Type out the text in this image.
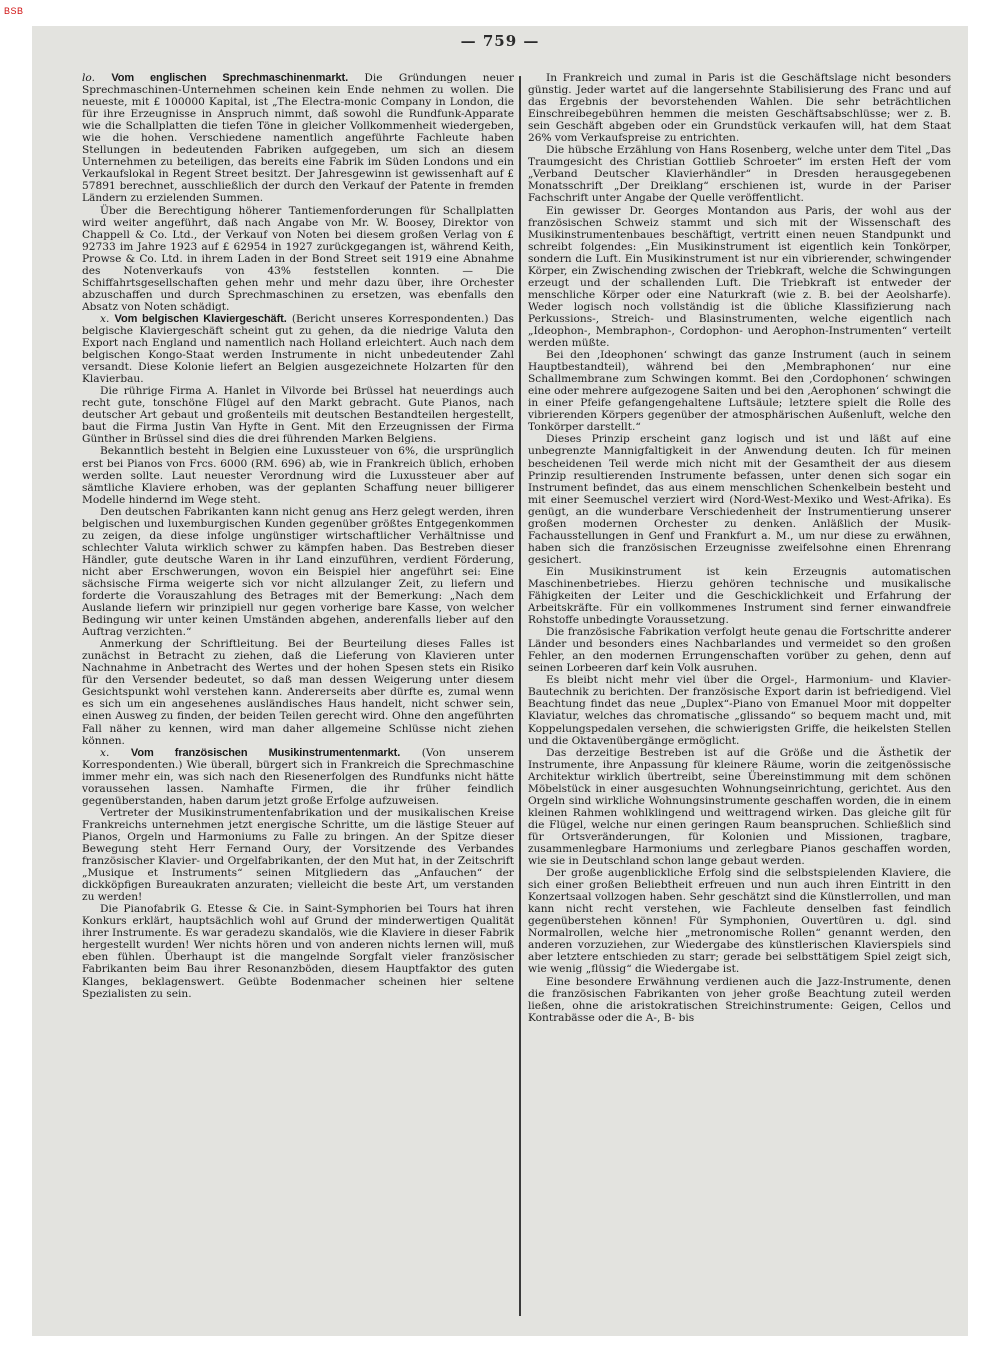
BSB
— 759 —

lo. Vom englischen Sprechmaschinenmarkt. Die Gründungen neuer Sprechmaschinen-Unternehmen scheinen kein Ende nehmen zu wollen. Die neueste, mit £ 100000 Kapital, ist „The Electra-monic Company in London, die für ihre Erzeugnisse in Anspruch nimmt, daß sowohl die Rundfunk-Apparate wie die Schallplatten die tiefen Töne in gleicher Vollkommenheit wiedergeben, wie die hohen. Verschiedene namentlich angeführte Fachleute haben Stellungen in bedeutenden Fabriken aufgegeben, um sich an diesem Unternehmen zu beteiligen, das bereits eine Fabrik im Süden Londons und ein Verkaufslokal in Regent Street besitzt. Der Jahresgewinn ist gewissenhaft auf £ 57891 berechnet, ausschließlich der durch den Verkauf der Patente in fremden Ländern zu erzielenden Summen.

Über die Berechtigung höherer Tantiemenforderungen für Schallplatten wird weiter angeführt, daß nach Angabe von Mr. W. Boosey, Direktor von Chappell & Co. Ltd., der Verkauf von Noten bei diesem großen Verlag von £ 92733 im Jahre 1923 auf £ 62954 in 1927 zurückgegangen ist, während Keith, Prowse & Co. Ltd. in ihrem Laden in der Bond Street seit 1919 eine Abnahme des Notenverkaufs von 43% feststellen konnten. — Die Schiffahrtsgesellschaften gehen mehr und mehr dazu über, ihre Orchester abzuschaffen und durch Sprechmaschinen zu ersetzen, was ebenfalls den Absatz von Noten schädigt.

x. Vom belgischen Klaviergeschäft. (Bericht unseres Korrespondenten.) Das belgische Klaviergeschäft scheint gut zu gehen, da die niedrige Valuta den Export nach England und namentlich nach Holland erleichtert. Auch nach dem belgischen Kongo-Staat werden Instrumente in nicht unbedeutender Zahl versandt. Diese Kolonie liefert an Belgien ausgezeichnete Holzarten für den Klavierbau.

Die rührige Firma A. Hanlet in Vilvorde bei Brüssel hat neuerdings auch recht gute, tonschöne Flügel auf den Markt gebracht. Gute Pianos, nach deutscher Art gebaut und großenteils mit deutschen Bestandteilen hergestellt, baut die Firma Justin Van Hyfte in Gent. Mit den Erzeugnissen der Firma Günther in Brüssel sind dies die drei führenden Marken Belgiens.

Bekanntlich besteht in Belgien eine Luxussteuer von 6%, die ursprünglich erst bei Pianos von Frcs. 6000 (RM. 696) ab, wie in Frankreich üblich, erhoben werden sollte. Laut neuester Verordnung wird die Luxussteuer aber auf sämtliche Klaviere erhoben, was der geplanten Schaffung neuer billigerer Modelle hindernd im Wege steht.

Den deutschen Fabrikanten kann nicht genug ans Herz gelegt werden, ihren belgischen und luxemburgischen Kunden gegenüber größtes Entgegenkommen zu zeigen, da diese infolge ungünstiger wirtschaftlicher Verhältnisse und schlechter Valuta wirklich schwer zu kämpfen haben. Das Bestreben dieser Händler, gute deutsche Waren in ihr Land einzuführen, verdient Förderung, nicht aber Erschwerungen, wovon ein Beispiel hier angeführt sei: Eine sächsische Firma weigerte sich vor nicht allzulanger Zeit, zu liefern und forderte die Vorauszahlung des Betrages mit der Bemerkung: „Nach dem Auslande liefern wir prinzipiell nur gegen vorherige bare Kasse, von welcher Bedingung wir unter keinen Umständen abgehen, anderenfalls lieber auf den Auftrag verzichten.“

Anmerkung der Schriftleitung. Bei der Beurteilung dieses Falles ist zunächst in Betracht zu ziehen, daß die Lieferung von Klavieren unter Nachnahme in Anbetracht des Wertes und der hohen Spesen stets ein Risiko für den Versender bedeutet, so daß man dessen Weigerung unter diesem Gesichtspunkt wohl verstehen kann. Andererseits aber dürfte es, zumal wenn es sich um ein angesehenes ausländisches Haus handelt, nicht schwer sein, einen Ausweg zu finden, der beiden Teilen gerecht wird. Ohne den angeführten Fall näher zu kennen, wird man daher allgemeine Schlüsse nicht ziehen können.

x. Vom französischen Musikinstrumentenmarkt. (Von unserem Korrespondenten.) Wie überall, bürgert sich in Frankreich die Sprechmaschine immer mehr ein, was sich nach den Riesenerfolgen des Rundfunks nicht hätte voraussehen lassen. Namhafte Firmen, die ihr früher feindlich gegenüberstanden, haben darum jetzt große Erfolge aufzuweisen.

Vertreter der Musikinstrumentenfabrikation und der musikalischen Kreise Frankreichs unternehmen jetzt energische Schritte, um die lästige Steuer auf Pianos, Orgeln und Harmoniums zu Falle zu bringen. An der Spitze dieser Bewegung steht Herr Fernand Oury, der Vorsitzende des Verbandes französischer Klavier- und Orgelfabrikanten, der den Mut hat, in der Zeitschrift „Musique et Instruments“ seinen Mitgliedern das „Anfauchen“ der dickköpfigen Bureaukraten anzuraten; vielleicht die beste Art, um verstanden zu werden!

Die Pianofabrik G. Etesse & Cie. in Saint-Symphorien bei Tours hat ihren Konkurs erklärt, hauptsächlich wohl auf Grund der minderwertigen Qualität ihrer Instrumente. Es war geradezu skandalös, wie die Klaviere in dieser Fabrik hergestellt wurden! Wer nichts hören und von anderen nichts lernen will, muß eben fühlen. Überhaupt ist die mangelnde Sorgfalt vieler französischer Fabrikanten beim Bau ihrer Resonanzböden, diesem Hauptfaktor des guten Klanges, beklagenswert. Geübte Bodenmacher scheinen hier seltene Spezialisten zu sein.

In Frankreich und zumal in Paris ist die Geschäftslage nicht besonders günstig. Jeder wartet auf die langersehnte Stabilisierung des Franc und auf das Ergebnis der bevorstehenden Wahlen. Die sehr beträchtlichen Einschreibegebühren hemmen die meisten Geschäftsabschlüsse; wer z. B. sein Geschäft abgeben oder ein Grundstück verkaufen will, hat dem Staat 26% vom Verkaufspreise zu entrichten.

Die hübsche Erzählung von Hans Rosenberg, welche unter dem Titel „Das Traumgesicht des Christian Gottlieb Schroeter“ im ersten Heft der vom „Verband Deutscher Klavierhändler“ in Dresden herausgegebenen Monatsschrift „Der Dreiklang“ erschienen ist, wurde in der Pariser Fachschrift unter Angabe der Quelle veröffentlicht.

Ein gewisser Dr. Georges Montandon aus Paris, der wohl aus der französischen Schweiz stammt und sich mit der Wissenschaft des Musikinstrumentenbaues beschäftigt, vertritt einen neuen Standpunkt und schreibt folgendes: „Ein Musikinstrument ist eigentlich kein Tonkörper, sondern die Luft. Ein Musikinstrument ist nur ein vibrierender, schwingender Körper, ein Zwischending zwischen der Triebkraft, welche die Schwingungen erzeugt und der schallenden Luft. Die Triebkraft ist entweder der menschliche Körper oder eine Naturkraft (wie z. B. bei der Aeolsharfe). Weder logisch noch vollständig ist die übliche Klassifizierung nach Perkussions-, Streich- und Blasinstrumenten, welche eigentlich nach „Ideophon-, Membraphon-, Cordophon- und Aerophon-Instrumenten“ verteilt werden müßte.

Bei den ‚Ideophonen‘ schwingt das ganze Instrument (auch in seinem Hauptbestandteil), während bei den ‚Membraphonen‘ nur eine Schallmembrane zum Schwingen kommt. Bei den ‚Cordophonen‘ schwingen eine oder mehrere aufgezogene Saiten und bei den ‚Aerophonen‘ schwingt die in einer Pfeife gefangengehaltene Luftsäule; letztere spielt die Rolle des vibrierenden Körpers gegenüber der atmosphärischen Außenluft, welche den Tonkörper darstellt.“

Dieses Prinzip erscheint ganz logisch und ist und läßt auf eine unbegrenzte Mannigfaltigkeit in der Anwendung deuten. Ich für meinen bescheidenen Teil werde mich nicht mit der Gesamtheit der aus diesem Prinzip resultierenden Instrumente befassen, unter denen sich sogar ein Instrument befindet, das aus einem menschlichen Schenkelbein besteht und mit einer Seemuschel verziert wird (Nord-West-Mexiko und West-Afrika). Es genügt, an die wunderbare Verschiedenheit der Instrumentierung unserer großen modernen Orchester zu denken. Anläßlich der Musik-Fachausstellungen in Genf und Frankfurt a. M., um nur diese zu erwähnen, haben sich die französischen Erzeugnisse zweifelsohne einen Ehrenrang gesichert.

Ein Musikinstrument ist kein Erzeugnis automatischen Maschinenbetriebes. Hierzu gehören technische und musikalische Fähigkeiten der Leiter und die Geschicklichkeit und Erfahrung der Arbeitskräfte. Für ein vollkommenes Instrument sind ferner einwandfreie Rohstoffe unbedingte Voraussetzung.

Die französische Fabrikation verfolgt heute genau die Fortschritte anderer Länder und besonders eines Nachbarlandes und vermeidet so den großen Fehler, an den modernen Errungenschaften vorüber zu gehen, denn auf seinen Lorbeeren darf kein Volk ausruhen.

Es bleibt nicht mehr viel über die Orgel-, Harmonium- und Klavier-Bautechnik zu berichten. Der französische Export darin ist befriedigend. Viel Beachtung findet das neue „Duplex“-Piano von Emanuel Moor mit doppelter Klaviatur, welches das chromatische „glissando“ so bequem macht und, mit Koppelungspedalen versehen, die schwierigsten Griffe, die heikelsten Stellen und die Oktavenübergänge ermöglicht.

Das derzeitige Bestreben ist auf die Größe und die Ästhetik der Instrumente, ihre Anpassung für kleinere Räume, worin die zeitgenössische Architektur wirklich übertreibt, seine Übereinstimmung mit dem schönen Möbelstück in einer ausgesuchten Wohnungseinrichtung, gerichtet. Aus den Orgeln sind wirkliche Wohnungsinstrumente geschaffen worden, die in einem kleinen Rahmen wohlklingend und weittragend wirken. Das gleiche gilt für die Flügel, welche nur einen geringen Raum beanspruchen. Schließlich sind für Ortsveränderungen, für Kolonien und Missionen, tragbare, zusammenlegbare Harmoniums und zerlegbare Pianos geschaffen worden, wie sie in Deutschland schon lange gebaut werden.

Der große augenblickliche Erfolg sind die selbstspielenden Klaviere, die sich einer großen Beliebtheit erfreuen und nun auch ihren Eintritt in den Konzertsaal vollzogen haben. Sehr geschätzt sind die Künstlerrollen, und man kann nicht recht verstehen, wie Fachleute denselben fast feindlich gegenüberstehen können! Für Symphonien, Ouvertüren u. dgl. sind Normalrollen, welche hier „metronomische Rollen“ genannt werden, den anderen vorzuziehen, zur Wiedergabe des künstlerischen Klavierspiels sind aber letztere entschieden zu starr; gerade bei selbsttätigem Spiel zeigt sich, wie wenig „flüssig“ die Wiedergabe ist.

Eine besondere Erwähnung verdienen auch die Jazz-Instrumente, denen die französischen Fabrikanten von jeher große Beachtung zuteil werden ließen, ohne die aristokratischen Streichinstrumente: Geigen, Cellos und Kontrabässe oder die A-, B- bis
